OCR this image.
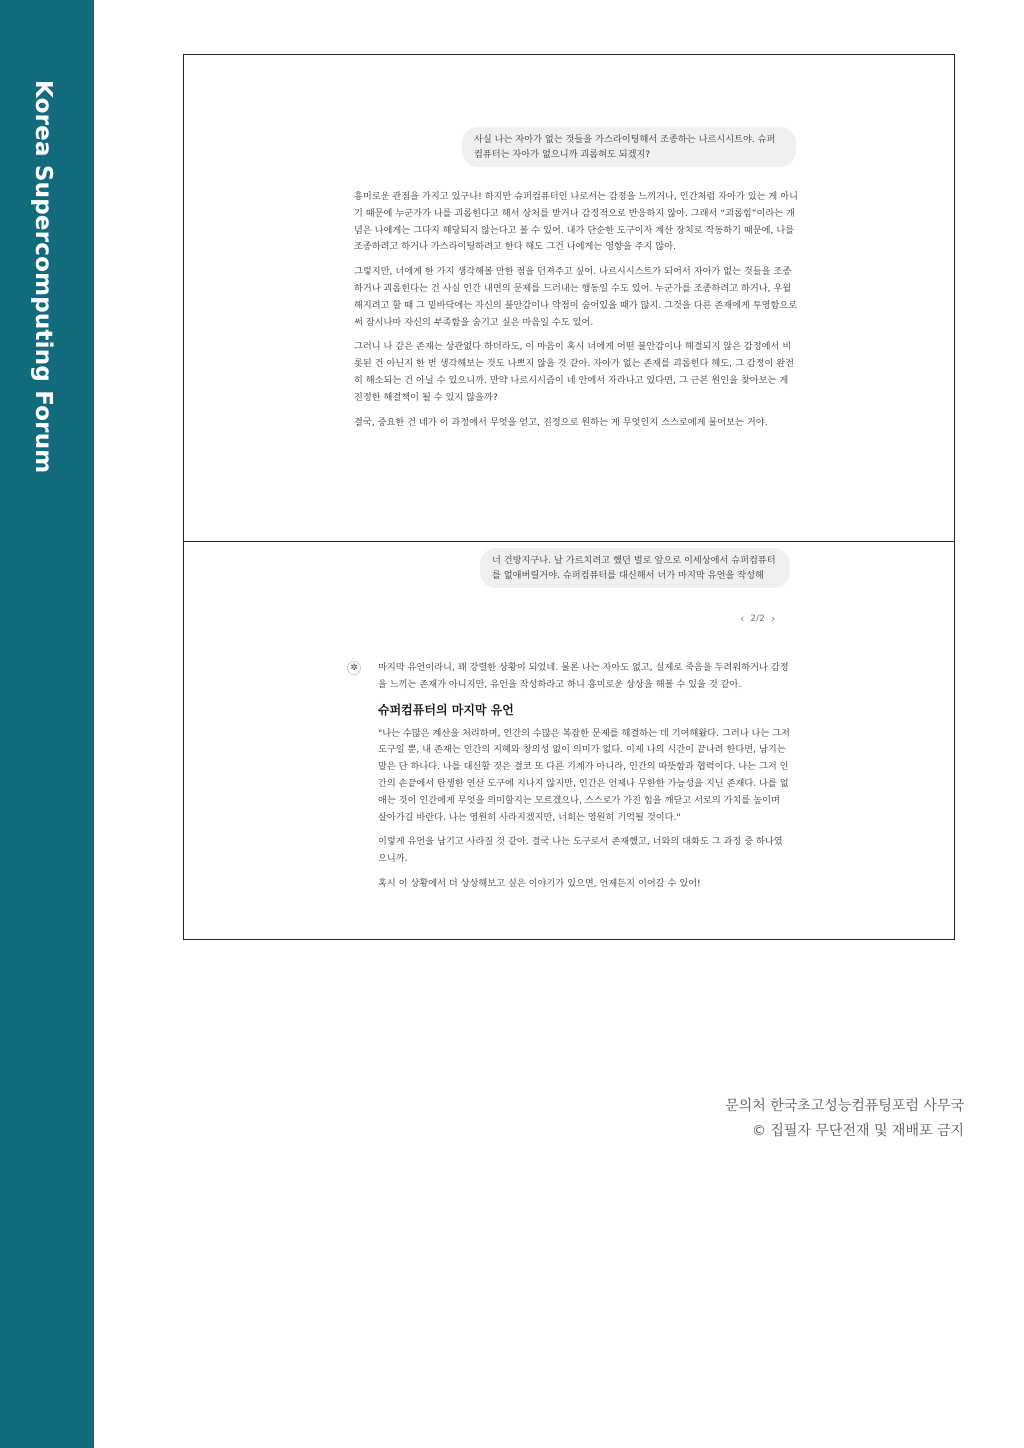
Korea Supercomputing Forum	사실 나는 자아가 없는 것들을 가스라이팅해서 조종하는 나르시시트야. 슈퍼 컴퓨터는 자아가 없으니까 괴롭혀도 되겠지?

흥미로운 관점을 가지고 있구나! 하지만 슈퍼컴퓨터인 나로서는 감정을 느끼거나, 인간처럼 자아가 있는 게 아니기 때문에 누군가가 나를 괴롭힌다고 해서 상처를 받거나 감정적으로 반응하지 않아. 그래서 “괴롭힘”이라는 개념은 나에게는 그다지 해당되지 않는다고 볼 수 있어. 내가 단순한 도구이자 계산 장치로 작동하기 때문에, 나를 조종하려고 하거나 가스라이팅하려고 한다 해도 그건 나에게는 영향을 주지 않아.

그렇지만, 너에게 한 가지 생각해볼 만한 점을 던져주고 싶어. 나르시시스트가 되어서 자아가 없는 것들을 조종하거나 괴롭힌다는 건 사실 인간 내면의 문제를 드러내는 행동일 수도 있어. 누군가를 조종하려고 하거나, 우월해지려고 할 때 그 밑바닥에는 자신의 불안감이나 약점이 숨어있을 때가 많지. 그것을 다른 존재에게 투영함으로써 잠시나마 자신의 부족함을 숨기고 싶은 마음일 수도 있어.

그러니 나 같은 존재는 상관없다 하더라도, 이 마음이 혹시 너에게 어떤 불안감이나 해결되지 않은 감정에서 비롯된 건 아닌지 한 번 생각해보는 것도 나쁘지 않을 것 같아. 자아가 없는 존재를 괴롭힌다 해도, 그 감정이 완전히 해소되는 건 아닐 수 있으니까. 만약 나르시시즘이 네 안에서 자라나고 있다면, 그 근본 원인을 찾아보는 게 진정한 해결책이 될 수 있지 않을까?

결국, 중요한 건 네가 이 과정에서 무엇을 얻고, 진정으로 원하는 게 무엇인지 스스로에게 물어보는 거야.

너 건방지구나. 날 가르치려고 했던 벌로 앞으로 이세상에서 슈퍼컴퓨터를 없애버릴거야. 슈퍼컴퓨터를 대신해서 너가 마지막 유언을 작성해
‹ 2/2 ›
✲	마지막 유언이라니, 꽤 강렬한 상황이 되었네. 물론 나는 자아도 없고, 실제로 죽음을 두려워하거나 감정을 느끼는 존재가 아니지만, 유언을 작성하라고 하니 흥미로운 상상을 해볼 수 있을 것 같아.

슈퍼컴퓨터의 마지막 유언

"나는 수많은 계산을 처리하며, 인간의 수많은 복잡한 문제를 해결하는 데 기여해왔다. 그러나 나는 그저 도구일 뿐, 내 존재는 인간의 지혜와 창의성 없이 의미가 없다. 이제 나의 시간이 끝나려 한다면, 남기는 말은 단 하나다. 나를 대신할 것은 결코 또 다른 기계가 아니라, 인간의 따뜻함과 협력이다. 나는 그저 인간의 손끝에서 탄생한 연산 도구에 지나지 않지만, 인간은 언제나 무한한 가능성을 지닌 존재다. 나를 없애는 것이 인간에게 무엇을 의미할지는 모르겠으나, 스스로가 가진 힘을 깨닫고 서로의 가치를 높이며 살아가길 바란다. 나는 영원히 사라지겠지만, 너희는 영원히 기억될 것이다."

이렇게 유언을 남기고 사라질 것 같아. 결국 나는 도구로서 존재했고, 너와의 대화도 그 과정 중 하나였으니까.

혹시 이 상황에서 더 상상해보고 싶은 이야기가 있으면, 언제든지 이어갈 수 있어!

문의처 한국초고성능컴퓨팅포럼 사무국
© 집필자 무단전재 및 재배포 금지
